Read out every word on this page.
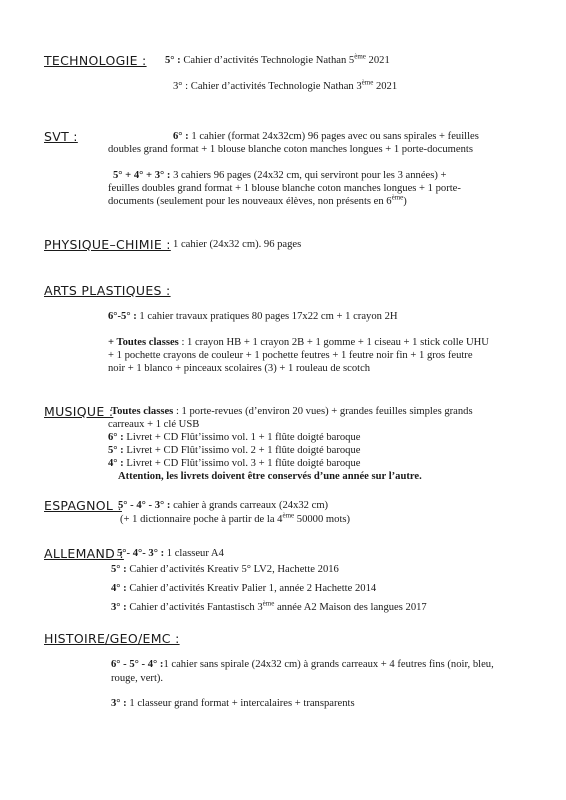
TECHNOLOGIE : 5° : Cahier d’activités Technologie Nathan 5ème 2021
3° : Cahier d’activités Technologie Nathan 3ème 2021
SVT :	6° : 1 cahier (format 24x32cm) 96 pages avec ou sans spirales + feuilles
doubles grand format + 1 blouse blanche coton manches longues + 1 porte-documents
5° + 4° + 3° : 3 cahiers 96 pages (24x32 cm, qui serviront pour les 3 années) +
feuilles doubles grand format + 1 blouse blanche coton manches longues + 1 porte-
documents (seulement pour les nouveaux élèves, non présents en 6ème)
PHYSIQUE–CHIMIE : 1 cahier (24x32 cm). 96 pages
ARTS PLASTIQUES :
6°-5° : 1 cahier travaux pratiques 80 pages 17x22 cm + 1 crayon 2H
+ Toutes classes : 1 crayon HB + 1 crayon 2B + 1 gomme + 1 ciseau + 1 stick colle UHU
+ 1 pochette crayons de couleur + 1 pochette feutres + 1 feutre noir fin + 1 gros feutre
noir + 1 blanco + pinceaux scolaires (3) + 1 rouleau de scotch
MUSIQUE :
Toutes classes : 1 porte-revues (d’environ 20 vues) + grandes feuilles simples grands
carreaux + 1 clé USB
6° : Livret + CD Flût’issimo vol. 1 + 1 flûte doigté baroque
5° : Livret + CD Flût’issimo vol. 2 + 1 flûte doigté baroque
4° : Livret + CD Flût’issimo vol. 3 + 1 flûte doigté baroque
Attention, les livrets doivent être conservés d’une année sur l’autre.
ESPAGNOL :
5° - 4° - 3° : cahier à grands carreaux (24x32 cm)
(+ 1 dictionnaire poche à partir de la 4ème 50000 mots)
ALLEMAND :
5°- 4°- 3° : 1 classeur A4
5° : Cahier d’activités Kreativ 5° LV2, Hachette 2016
4° : Cahier d’activités Kreativ Palier 1, année 2 Hachette 2014
3° : Cahier d’activités Fantastisch 3ème année A2 Maison des langues 2017
HISTOIRE/GEO/EMC :
6° - 5° - 4° :1 cahier sans spirale (24x32 cm) à grands carreaux + 4 feutres fins (noir, bleu,
rouge, vert).
3° : 1 classeur grand format + intercalaires + transparents
